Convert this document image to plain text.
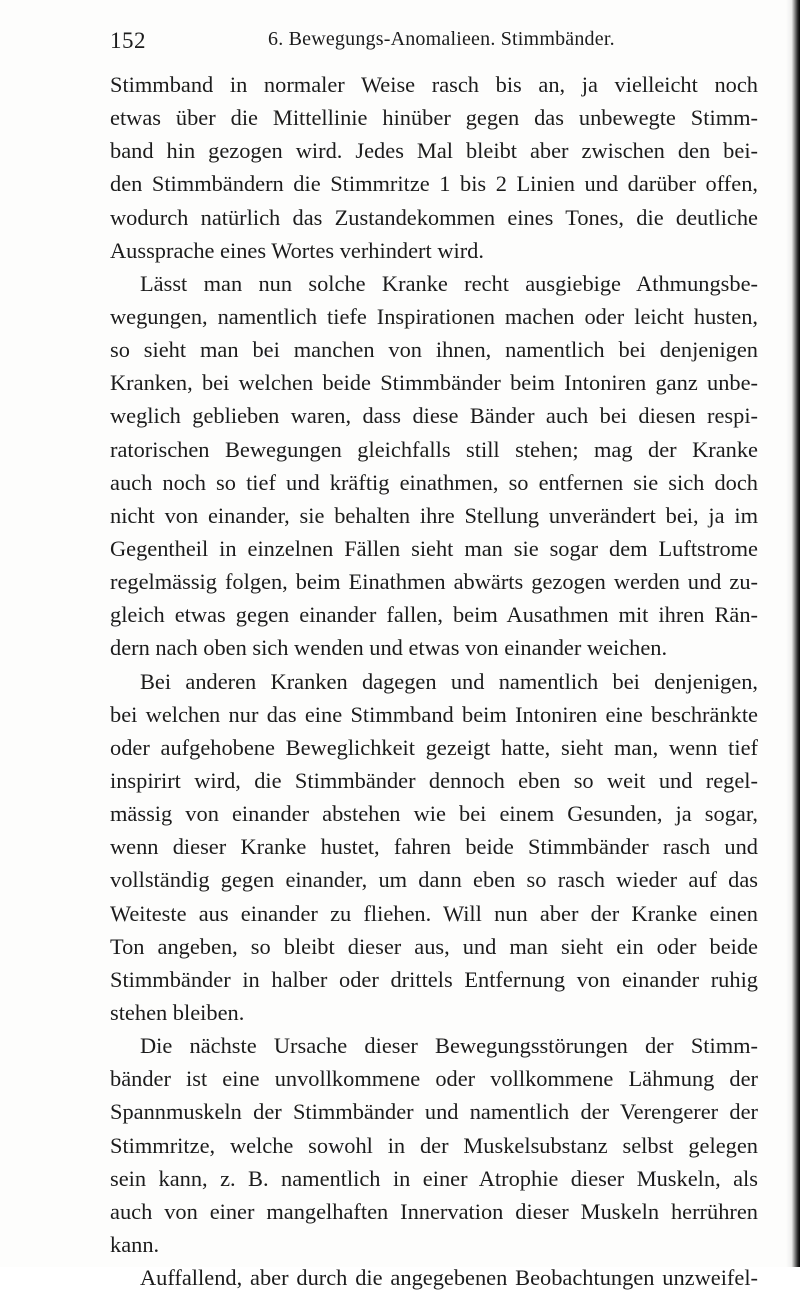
152	6. Bewegungs-Anomalieen. Stimmbänder.
Stimmband in normaler Weise rasch bis an, ja vielleicht noch
etwas über die Mittellinie hinüber gegen das unbewegte Stimm-
band hin gezogen wird. Jedes Mal bleibt aber zwischen den bei-
den Stimmbändern die Stimmritze 1 bis 2 Linien und darüber offen,
wodurch natürlich das Zustandekommen eines Tones, die deutliche
Aussprache eines Wortes verhindert wird.
Lässt man nun solche Kranke recht ausgiebige Athmungsbe-
wegungen, namentlich tiefe Inspirationen machen oder leicht husten,
so sieht man bei manchen von ihnen, namentlich bei denjenigen
Kranken, bei welchen beide Stimmbänder beim Intoniren ganz unbe-
weglich geblieben waren, dass diese Bänder auch bei diesen respi-
ratorischen Bewegungen gleichfalls still stehen; mag der Kranke
auch noch so tief und kräftig einathmen, so entfernen sie sich doch
nicht von einander, sie behalten ihre Stellung unverändert bei, ja im
Gegentheil in einzelnen Fällen sieht man sie sogar dem Luftstrome
regelmässig folgen, beim Einathmen abwärts gezogen werden und zu-
gleich etwas gegen einander fallen, beim Ausathmen mit ihren Rän-
dern nach oben sich wenden und etwas von einander weichen.
Bei anderen Kranken dagegen und namentlich bei denjenigen,
bei welchen nur das eine Stimmband beim Intoniren eine beschränkte
oder aufgehobene Beweglichkeit gezeigt hatte, sieht man, wenn tief
inspirirt wird, die Stimmbänder dennoch eben so weit und regel-
mässig von einander abstehen wie bei einem Gesunden, ja sogar,
wenn dieser Kranke hustet, fahren beide Stimmbänder rasch und
vollständig gegen einander, um dann eben so rasch wieder auf das
Weiteste aus einander zu fliehen. Will nun aber der Kranke einen
Ton angeben, so bleibt dieser aus, und man sieht ein oder beide
Stimmbänder in halber oder drittels Entfernung von einander ruhig
stehen bleiben.
Die nächste Ursache dieser Bewegungsstörungen der Stimm-
bänder ist eine unvollkommene oder vollkommene Lähmung der
Spannmuskeln der Stimmbänder und namentlich der Verengerer der
Stimmritze, welche sowohl in der Muskelsubstanz selbst gelegen
sein kann, z. B. namentlich in einer Atrophie dieser Muskeln, als
auch von einer mangelhaften Innervation dieser Muskeln herrühren
kann.
Auffallend, aber durch die angegebenen Beobachtungen unzweifel-
